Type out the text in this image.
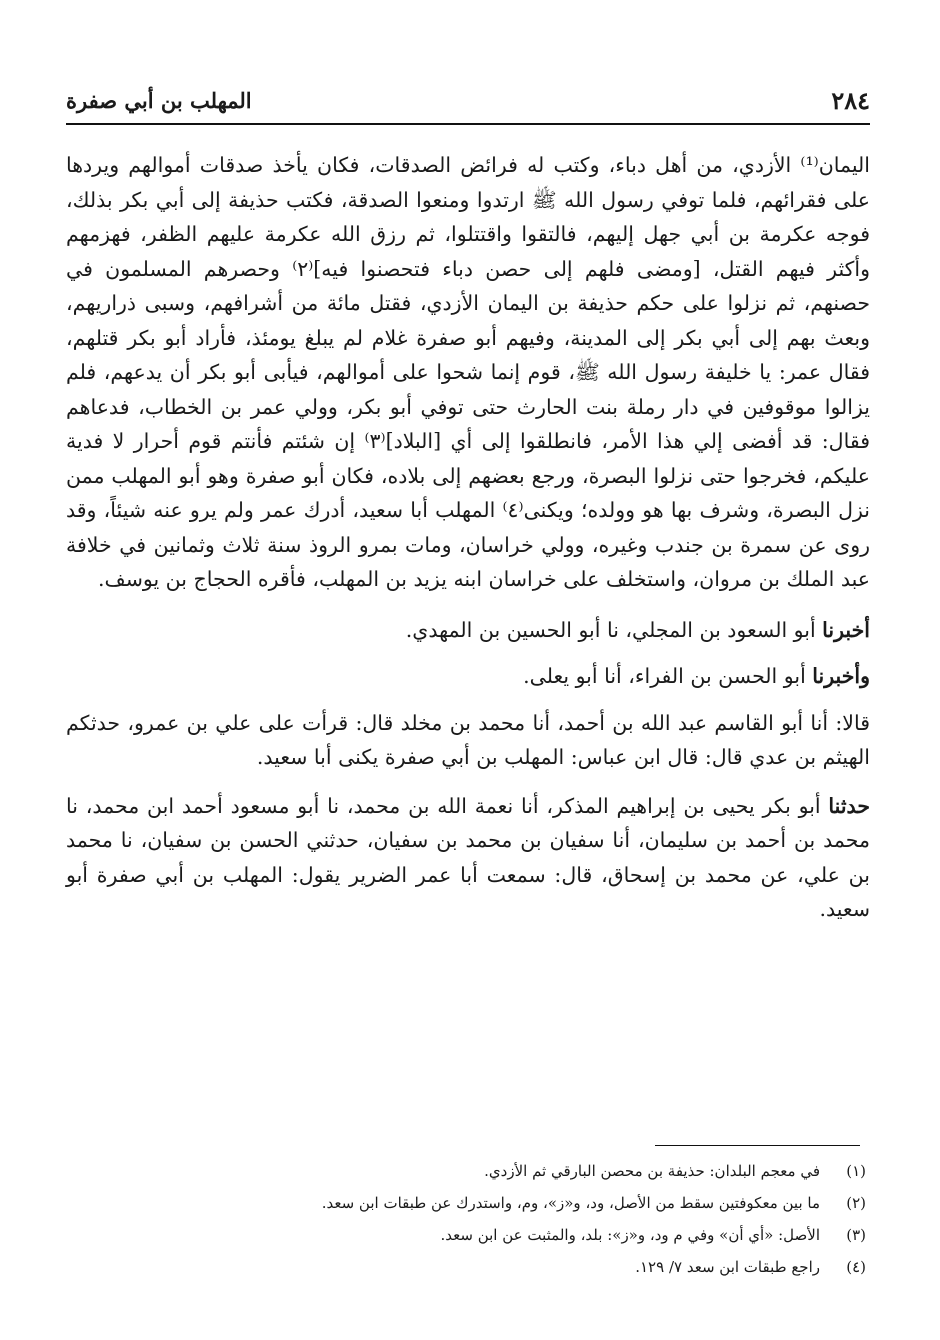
٢٨٤
المهلب بن أبي صفرة

اليمان⁽¹⁾ الأزدي، من أهل دباء، وكتب له فرائض الصدقات، فكان يأخذ صدقات أموالهم ويردها على فقرائهم، فلما توفي رسول الله ﷺ ارتدوا ومنعوا الصدقة، فكتب حذيفة إلى أبي بكر بذلك، فوجه عكرمة بن أبي جهل إليهم، فالتقوا واقتتلوا، ثم رزق الله عكرمة عليهم الظفر، فهزمهم وأكثر فيهم القتل، [ومضى فلهم إلى حصن دباء فتحصنوا فيه]⁽٢⁾ وحصرهم المسلمون في حصنهم، ثم نزلوا على حكم حذيفة بن اليمان الأزدي، فقتل مائة من أشرافهم، وسبى ذراريهم، وبعث بهم إلى أبي بكر إلى المدينة، وفيهم أبو صفرة غلام لم يبلغ يومئذ، فأراد أبو بكر قتلهم، فقال عمر: يا خليفة رسول الله ﷺ، قوم إنما شحوا على أموالهم، فيأبى أبو بكر أن يدعهم، فلم يزالوا موقوفين في دار رملة بنت الحارث حتى توفي أبو بكر، وولي عمر بن الخطاب، فدعاهم فقال: قد أفضى إلي هذا الأمر، فانطلقوا إلى أي [البلاد]⁽٣⁾ إن شئتم فأنتم قوم أحرار لا فدية عليكم، فخرجوا حتى نزلوا البصرة، ورجع بعضهم إلى بلاده، فكان أبو صفرة وهو أبو المهلب ممن نزل البصرة، وشرف بها هو وولده؛ ويكنى⁽٤⁾ المهلب أبا سعيد، أدرك عمر ولم يرو عنه شيئاً، وقد روى عن سمرة بن جندب وغيره، وولي خراسان، ومات بمرو الروذ سنة ثلاث وثمانين في خلافة عبد الملك بن مروان، واستخلف على خراسان ابنه يزيد بن المهلب، فأقره الحجاج بن يوسف.

أخبرنا أبو السعود بن المجلي، نا أبو الحسين بن المهدي.

وأخبرنا أبو الحسن بن الفراء، أنا أبو يعلى.

قالا: أنا أبو القاسم عبد الله بن أحمد، أنا محمد بن مخلد قال: قرأت على علي بن عمرو، حدثكم الهيثم بن عدي قال: قال ابن عباس: المهلب بن أبي صفرة يكنى أبا سعيد.

حدثنا أبو بكر يحيى بن إبراهيم المذكر، أنا نعمة الله بن محمد، نا أبو مسعود أحمد ابن محمد، نا محمد بن أحمد بن سليمان، أنا سفيان بن محمد بن سفيان، حدثني الحسن بن سفيان، نا محمد بن علي، عن محمد بن إسحاق، قال: سمعت أبا عمر الضرير يقول: المهلب بن أبي صفرة أبو سعيد.

(١)
في معجم البلدان: حذيفة بن محصن البارقي ثم الأزدي.
(٢)
ما بين معكوفتين سقط من الأصل، ود، و«ز»، وم، واستدرك عن طبقات ابن سعد.
(٣)
الأصل: «أي أن» وفي م ود، و«ز»: بلد، والمثبت عن ابن سعد.
(٤)
راجع طبقات ابن سعد ٧/ ١٢٩.
